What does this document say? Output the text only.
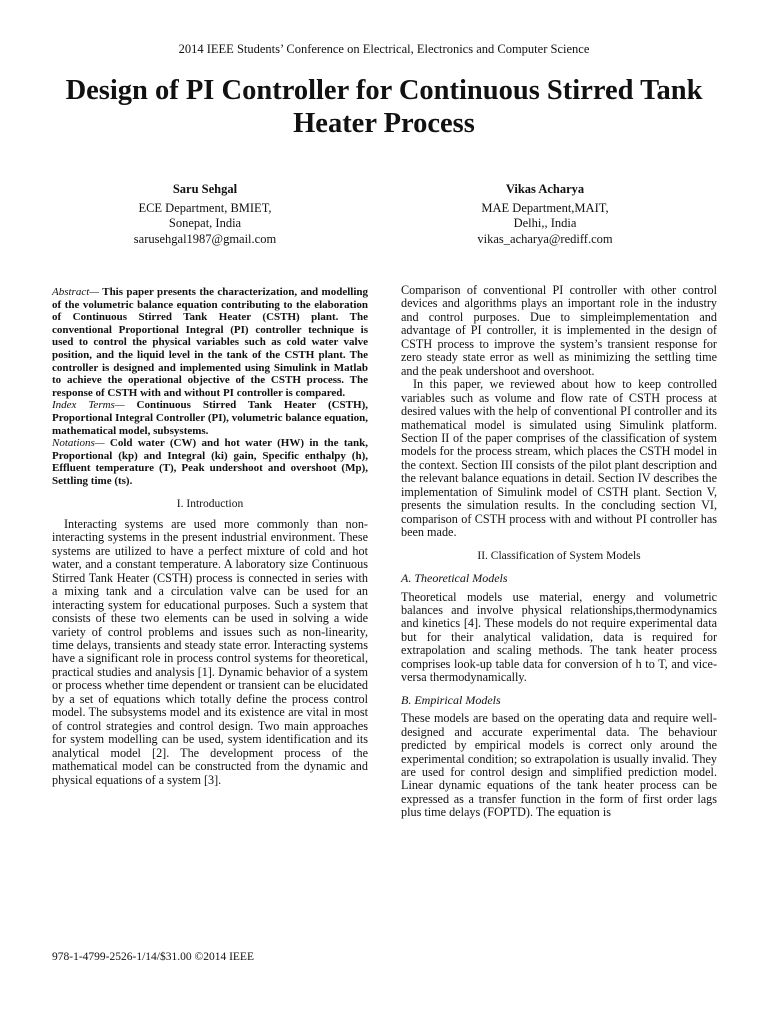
2014 IEEE Students’ Conference on Electrical, Electronics and Computer Science
Design of PI Controller for Continuous Stirred Tank Heater Process
Saru Sehgal
ECE Department, BMIET,
Sonepat, India
sarusehgal1987@gmail.com
Vikas Acharya
MAE Department,MAIT,
Delhi,, India
vikas_acharya@rediff.com

Abstract— This paper presents the characterization, and modelling of the volumetric balance equation contributing to the elaboration of Continuous Stirred Tank Heater (CSTH) plant. The conventional Proportional Integral (PI) controller technique is used to control the physical variables such as cold water valve position, and the liquid level in the tank of the CSTH plant. The controller is designed and implemented using Simulink in Matlab to achieve the operational objective of the CSTH process. The response of CSTH with and without PI controller is compared.

Index Terms— Continuous Stirred Tank Heater (CSTH), Proportional Integral Controller (PI), volumetric balance equation, mathematical model, subsystems.

Notations— Cold water (CW) and hot water (HW) in the tank, Proportional (kp) and Integral (ki) gain, Specific enthalpy (h), Effluent temperature (T), Peak undershoot and overshoot (Mp), Settling time (ts).

I. Introduction

Interacting systems are used more commonly than non-interacting systems in the present industrial environment. These systems are utilized to have a perfect mixture of cold and hot water, and a constant temperature. A laboratory size Continuous Stirred Tank Heater (CSTH) process is connected in series with a mixing tank and a circulation valve can be used for an interacting system for educational purposes. Such a system that consists of these two elements can be used in solving a wide variety of control problems and issues such as non-linearity, time delays, transients and steady state error. Interacting systems have a significant role in process control systems for theoretical, practical studies and analysis [1]. Dynamic behavior of a system or process whether time dependent or transient can be elucidated by a set of equations which totally define the process control model. The subsystems model and its existence are vital in most of control strategies and control design. Two main approaches for system modelling can be used, system identification and its analytical model [2]. The development process of the mathematical model can be constructed from the dynamic and physical equations of a system [3].

Comparison of conventional PI controller with other control devices and algorithms plays an important role in the industry and control purposes. Due to simpleimplementation and advantage of PI controller, it is implemented in the design of CSTH process to improve the system’s transient response for zero steady state error as well as minimizing the settling time and the peak undershoot and overshoot.

In this paper, we reviewed about how to keep controlled variables such as volume and flow rate of CSTH process at desired values with the help of conventional PI controller and its mathematical model is simulated using Simulink platform. Section II of the paper comprises of the classification of system models for the process stream, which places the CSTH model in the context. Section III consists of the pilot plant description and the relevant balance equations in detail. Section IV describes the implementation of Simulink model of CSTH plant. Section V, presents the simulation results. In the concluding section VI, comparison of CSTH process with and without PI controller has been made.

II. Classification of System Models
A. Theoretical Models

Theoretical models use material, energy and volumetric balances and involve physical relationships,thermodynamics and kinetics [4]. These models do not require experimental data but for their analytical validation, data is required for extrapolation and scaling methods. The tank heater process comprises look-up table data for conversion of h to T, and vice-versa thermodynamically.

B. Empirical Models

These models are based on the operating data and require well-designed and accurate experimental data. The behaviour predicted by empirical models is correct only around the experimental condition; so extrapolation is usually invalid. They are used for control design and simplified prediction model. Linear dynamic equations of the tank heater process can be expressed as a transfer function in the form of first order lags plus time delays (FOPTD). The equation is

978-1-4799-2526-1/14/$31.00 ©2014 IEEE
